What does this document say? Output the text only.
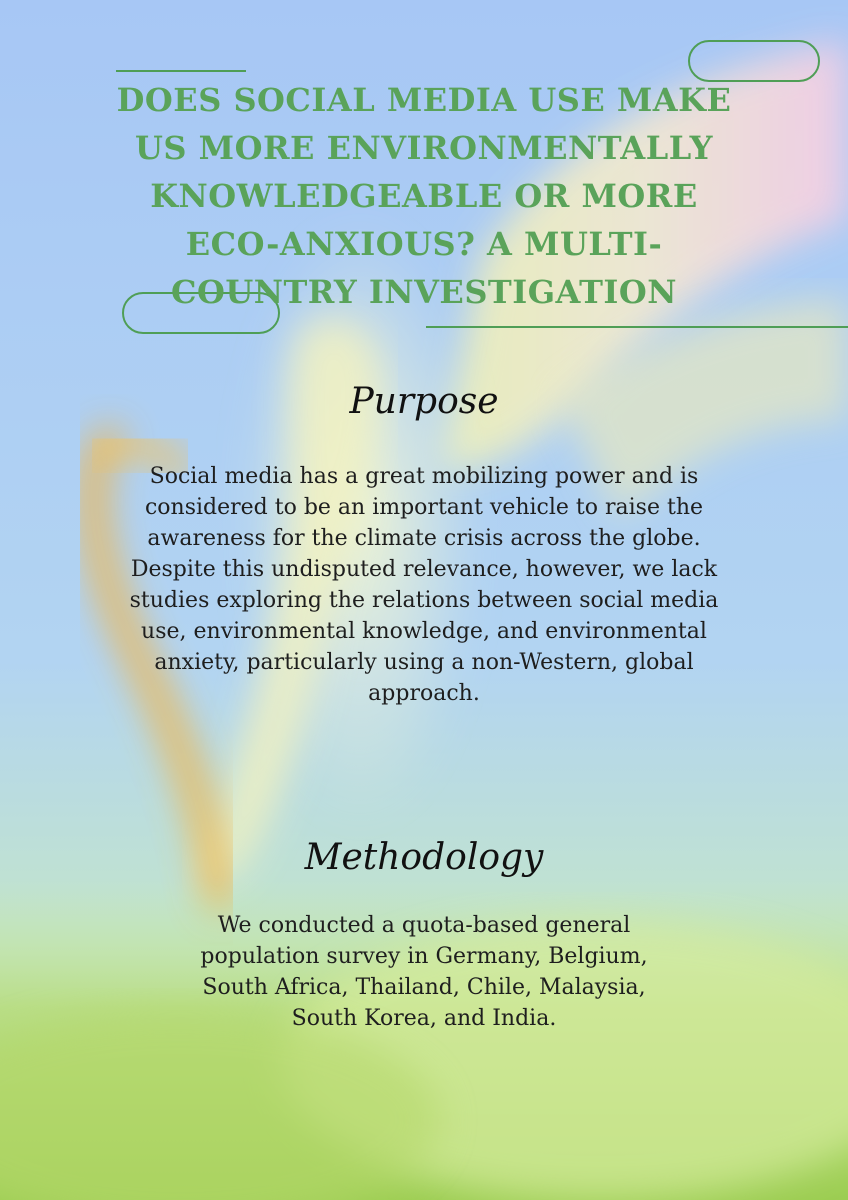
DOES SOCIAL MEDIA USE MAKE US MORE ENVIRONMENTALLY KNOWLEDGEABLE OR MORE ECO-ANXIOUS? A MULTI-COUNTRY INVESTIGATION
Purpose

Social media has a great mobilizing power and is considered to be an important vehicle to raise the awareness for the climate crisis across the globe. Despite this undisputed relevance, however, we lack studies exploring the relations between social media use, environmental knowledge, and environmental anxiety, particularly using a non-Western, global approach.

Methodology

We conducted a quota-based general population survey in Germany, Belgium, South Africa, Thailand, Chile, Malaysia, South Korea, and India.
